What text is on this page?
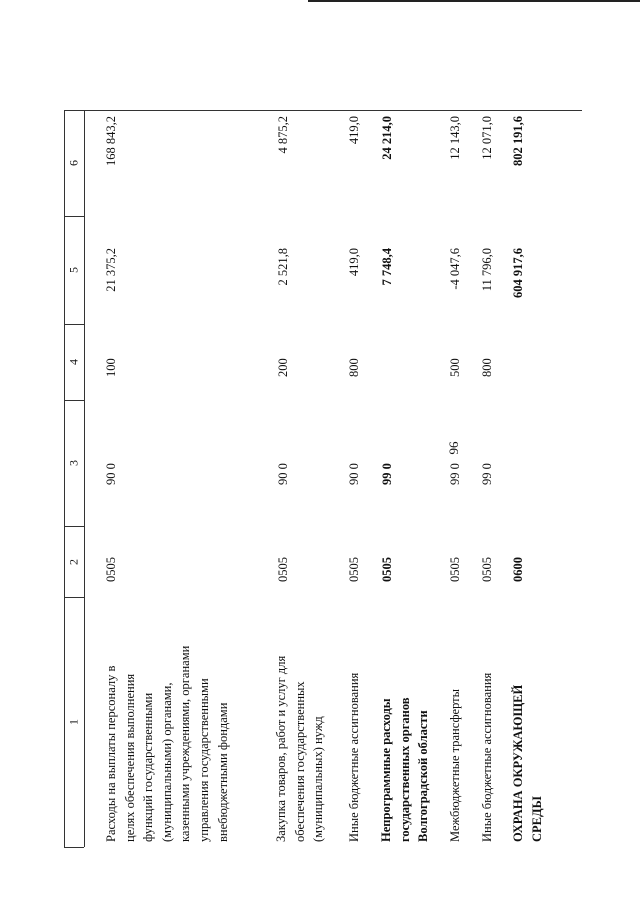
96
1
2
3
4
5
6
Расходы на выплаты персоналу в целях обеспечения выполнения функций государственными (муниципальными) органами, казенными учреждениями, органами управления государственными внебюджетными фондами
0505
90 0
100
21 375,2
168 843,2
Закупка товаров, работ и услуг для обеспечения государственных (муниципальных) нужд
0505
90 0
200
2 521,8
4 875,2
Иные бюджетные ассигнования
0505
90 0
800
419,0
419,0
Непрограммные расходы государственных органов Волгоградской области
0505
99 0
7 748,4
24 214,0
Межбюджетные трансферты
0505
99 0
500
-4 047,6
12 143,0
Иные бюджетные ассигнования
0505
99 0
800
11 796,0
12 071,0
ОХРАНА ОКРУЖАЮЩЕЙ СРЕДЫ
0600
604 917,6
802 191,6
